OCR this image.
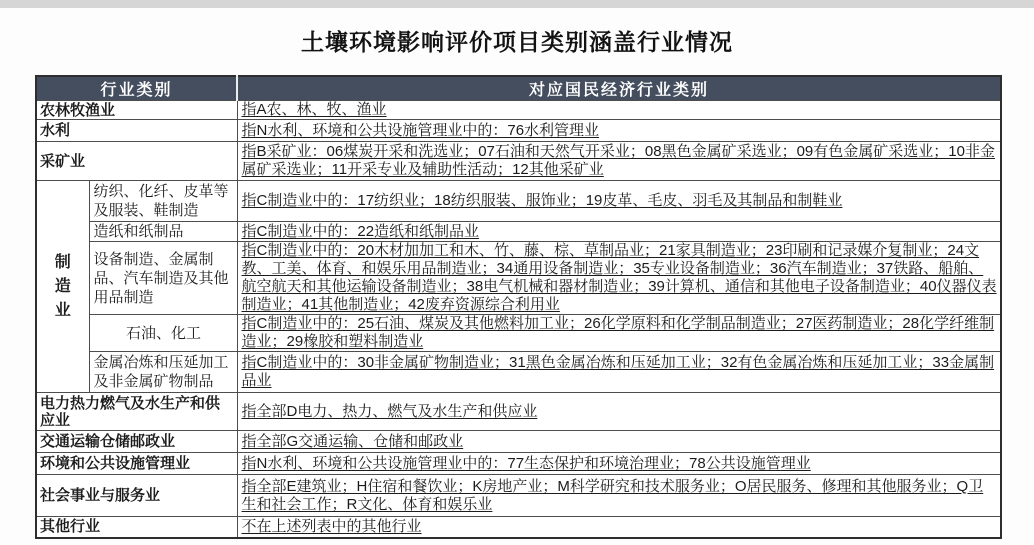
土壤环境影响评价项目类别涵盖行业情况
行业类别		对应国民经济行业类别
农林牧渔业		指A农、林、牧、渔业
水利		指N水利、环境和公共设施管理业中的：76水利管理业
采矿业		指B采矿业：06煤炭开采和洗选业；07石油和天然气开采业；08黑色金属矿采选业；09有色金属矿采选业；10非金属矿采选业；11开采专业及辅助性活动；12其他采矿业

制造业	纺织、化纤、皮革等及服装、鞋制造	指C制造业中的：17纺织业；18纺织服装、服饰业；19皮革、毛皮、羽毛及其制品和制鞋业
	造纸和纸制品	指C制造业中的：22造纸和纸制品业
	设备制造、金属制品、汽车制造及其他用品制造	指C制造业中的：20木材加加工和木、竹、藤、棕、草制品业；21家具制造业；23印刷和记录媒介复制业；24文教、工美、体育、和娱乐用品制造业；34通用设备制造业；35专业设备制造业；36汽车制造业；37铁路、船舶、航空航天和其他运输设备制造业；38电气机械和器材制造业；39计算机、通信和其他电子设备制造业；40仪器仪表制造业；41其他制造业；42废弃资源综合利用业
	石油、化工	指C制造业中的：25石油、煤炭及其他燃料加工业；26化学原料和化学制品制造业；27医药制造业；28化学纤维制造业；29橡胶和塑料制造业
	金属冶炼和压延加工及非金属矿物制品	指C制造业中的：30非金属矿物制造业；31黑色金属冶炼和压延加工业；32有色金属冶炼和压延加工业；33金属制品业
电力热力燃气及水生产和供应业		指全部D电力、热力、燃气及水生产和供应业
交通运输仓储邮政业		指全部G交通运输、仓储和邮政业
环境和公共设施管理业		指N水利、环境和公共设施管理业中的：77生态保护和环境治理业；78公共设施管理业
社会事业与服务业		指全部E建筑业；H住宿和餐饮业；K房地产业；M科学研究和技术服务业；O居民服务、修理和其他服务业；Q卫生和社会工作；R文化、体育和娱乐业
其他行业		不在上述列表中的其他行业
